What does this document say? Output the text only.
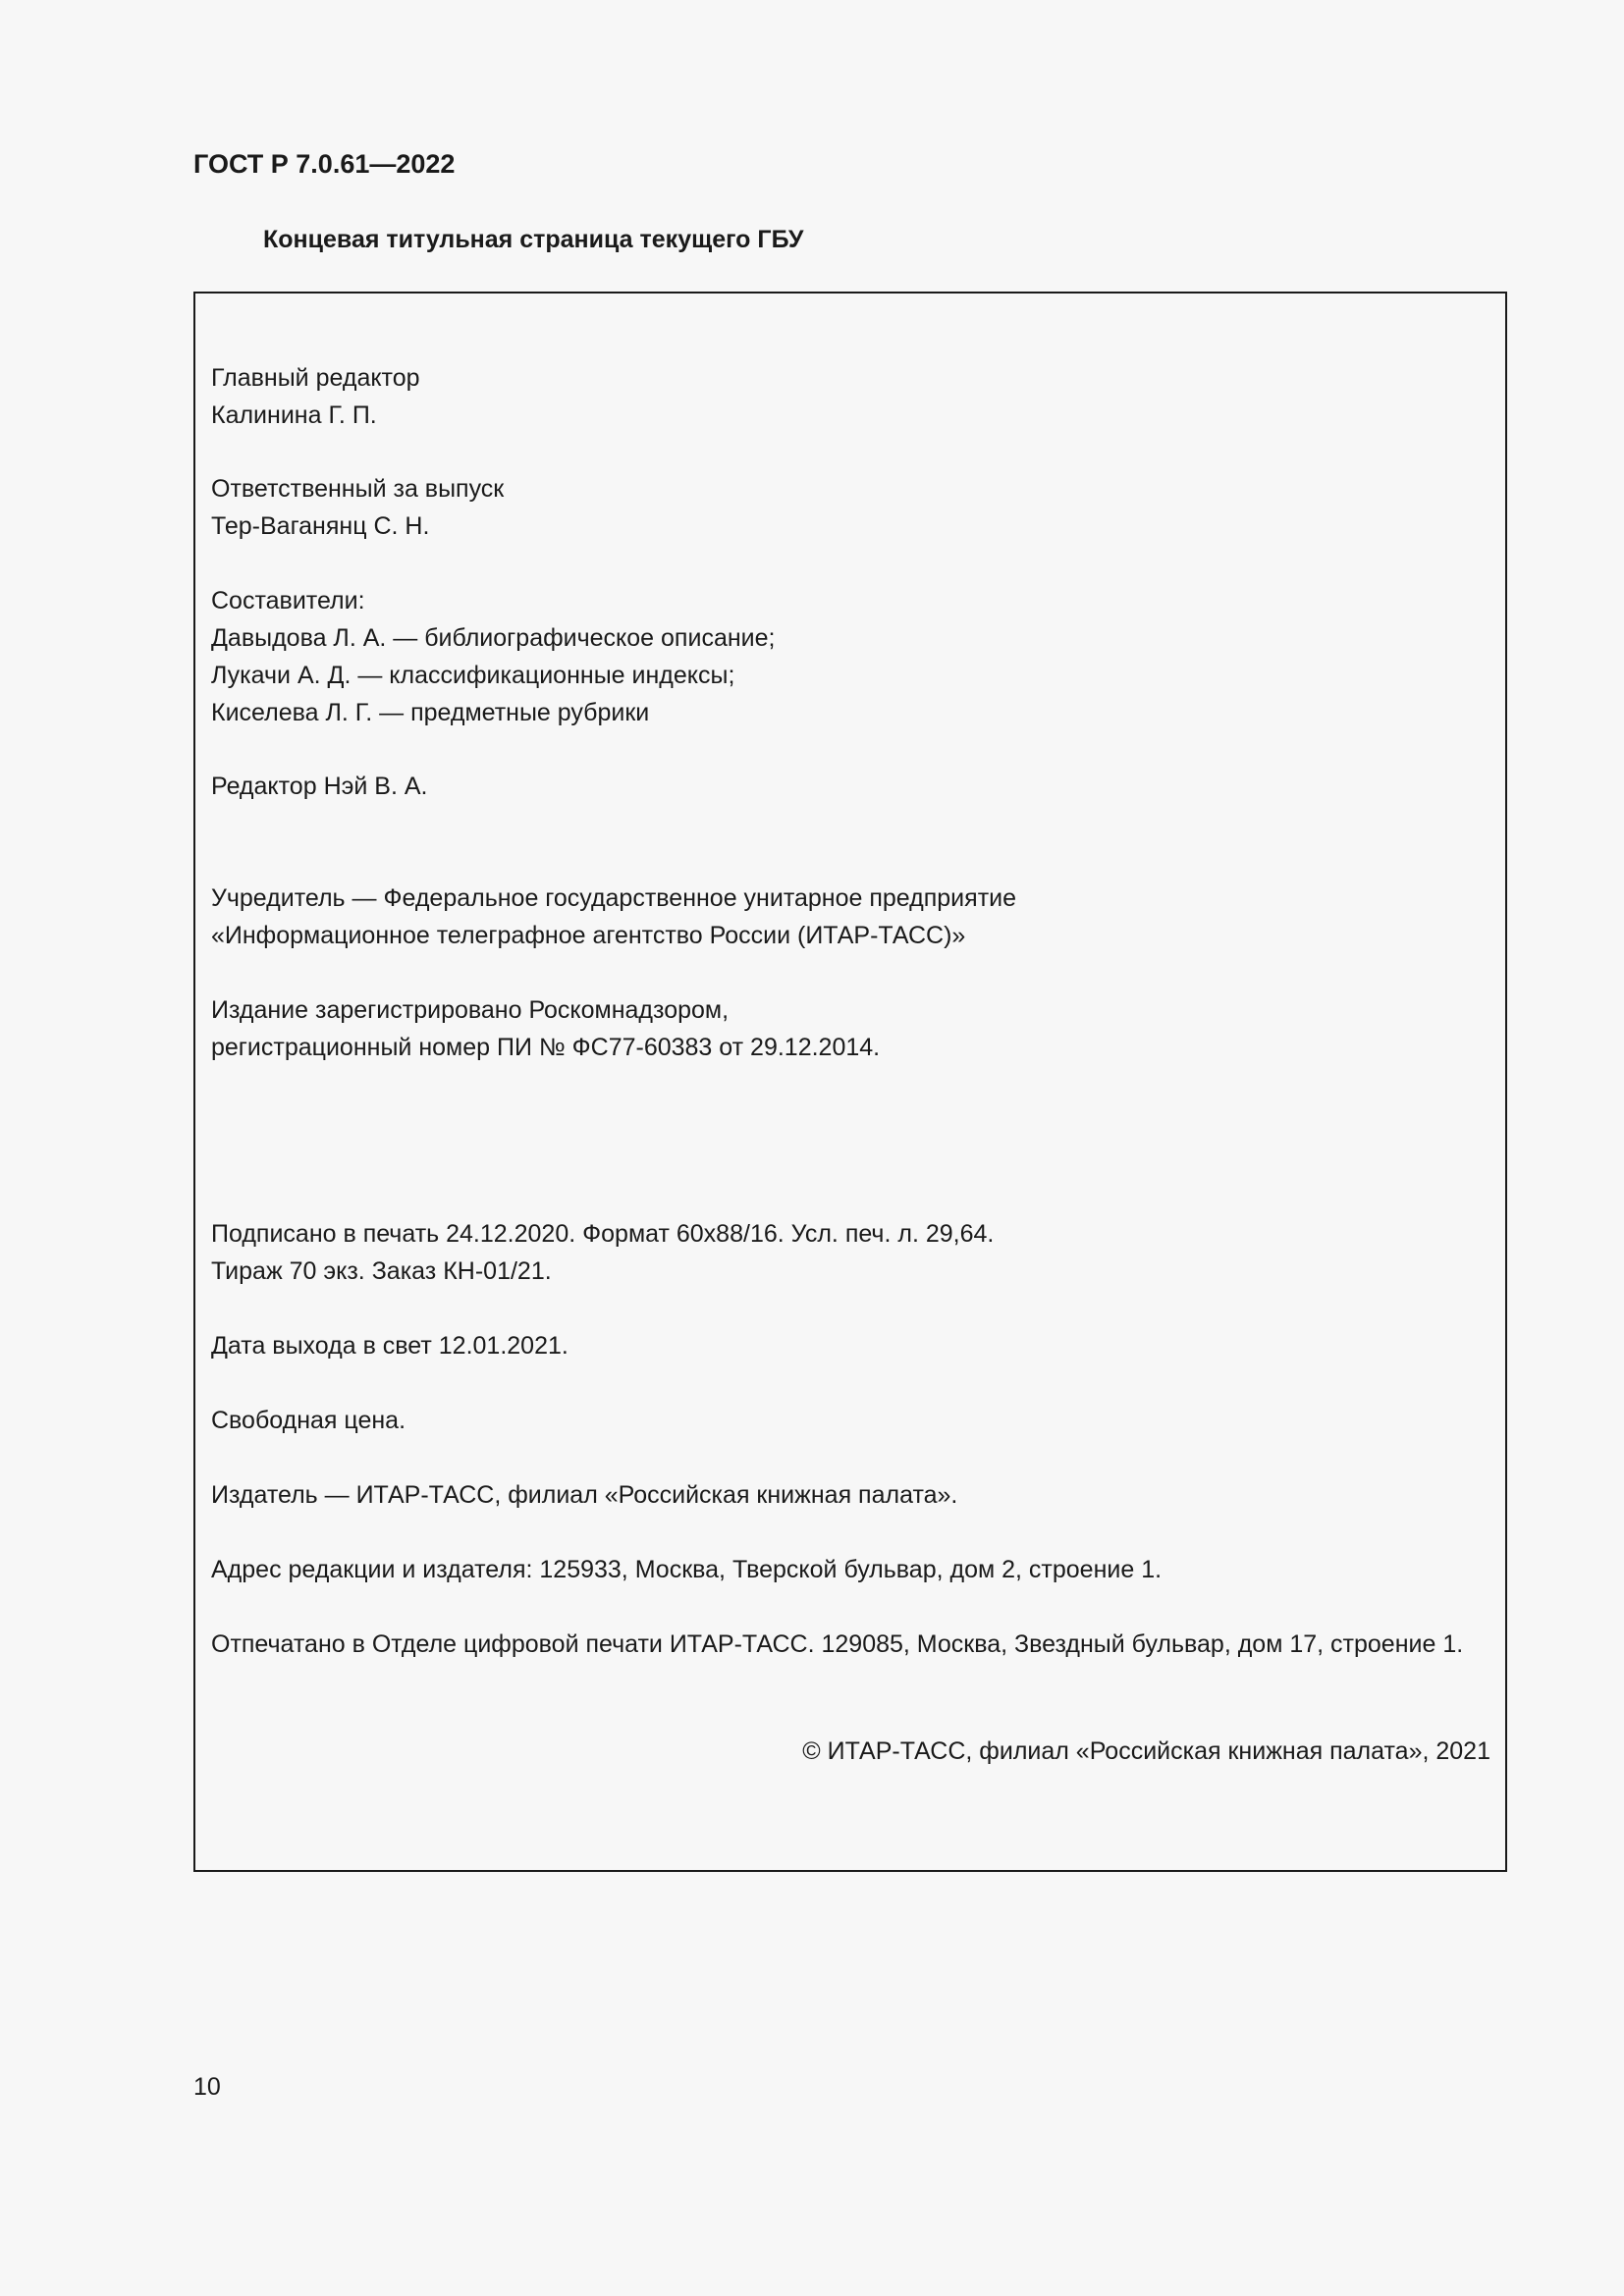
ГОСТ Р 7.0.61—2022

Концевая титульная страница текущего ГБУ

Главный редактор

Калинина Г. П.

Ответственный за выпуск

Тер-Ваганянц С. Н.

Составители:

Давыдова Л. А. — библиографическое описание;

Лукачи А. Д. — классификационные индексы;

Киселева Л. Г. — предметные рубрики

Редактор Нэй В. А.

Учредитель — Федеральное государственное унитарное предприятие

«Информационное телеграфное агентство России (ИТАР-ТАСС)»

Издание зарегистрировано Роскомнадзором,

регистрационный номер ПИ № ФС77-60383 от 29.12.2014.

Подписано в печать 24.12.2020. Формат 60х88/16. Усл. печ. л. 29,64.

Тираж 70 экз. Заказ КН-01/21.

Дата выхода в свет 12.01.2021.

Свободная цена.

Издатель — ИТАР-ТАСС, филиал «Российская книжная палата».

Адрес редакции и издателя: 125933, Москва, Тверской бульвар, дом 2, строение 1.

Отпечатано в Отделе цифровой печати ИТАР-ТАСС. 129085, Москва, Звездный бульвар, дом 17, строение 1.

© ИТАР-ТАСС, филиал «Российская книжная палата», 2021

10
